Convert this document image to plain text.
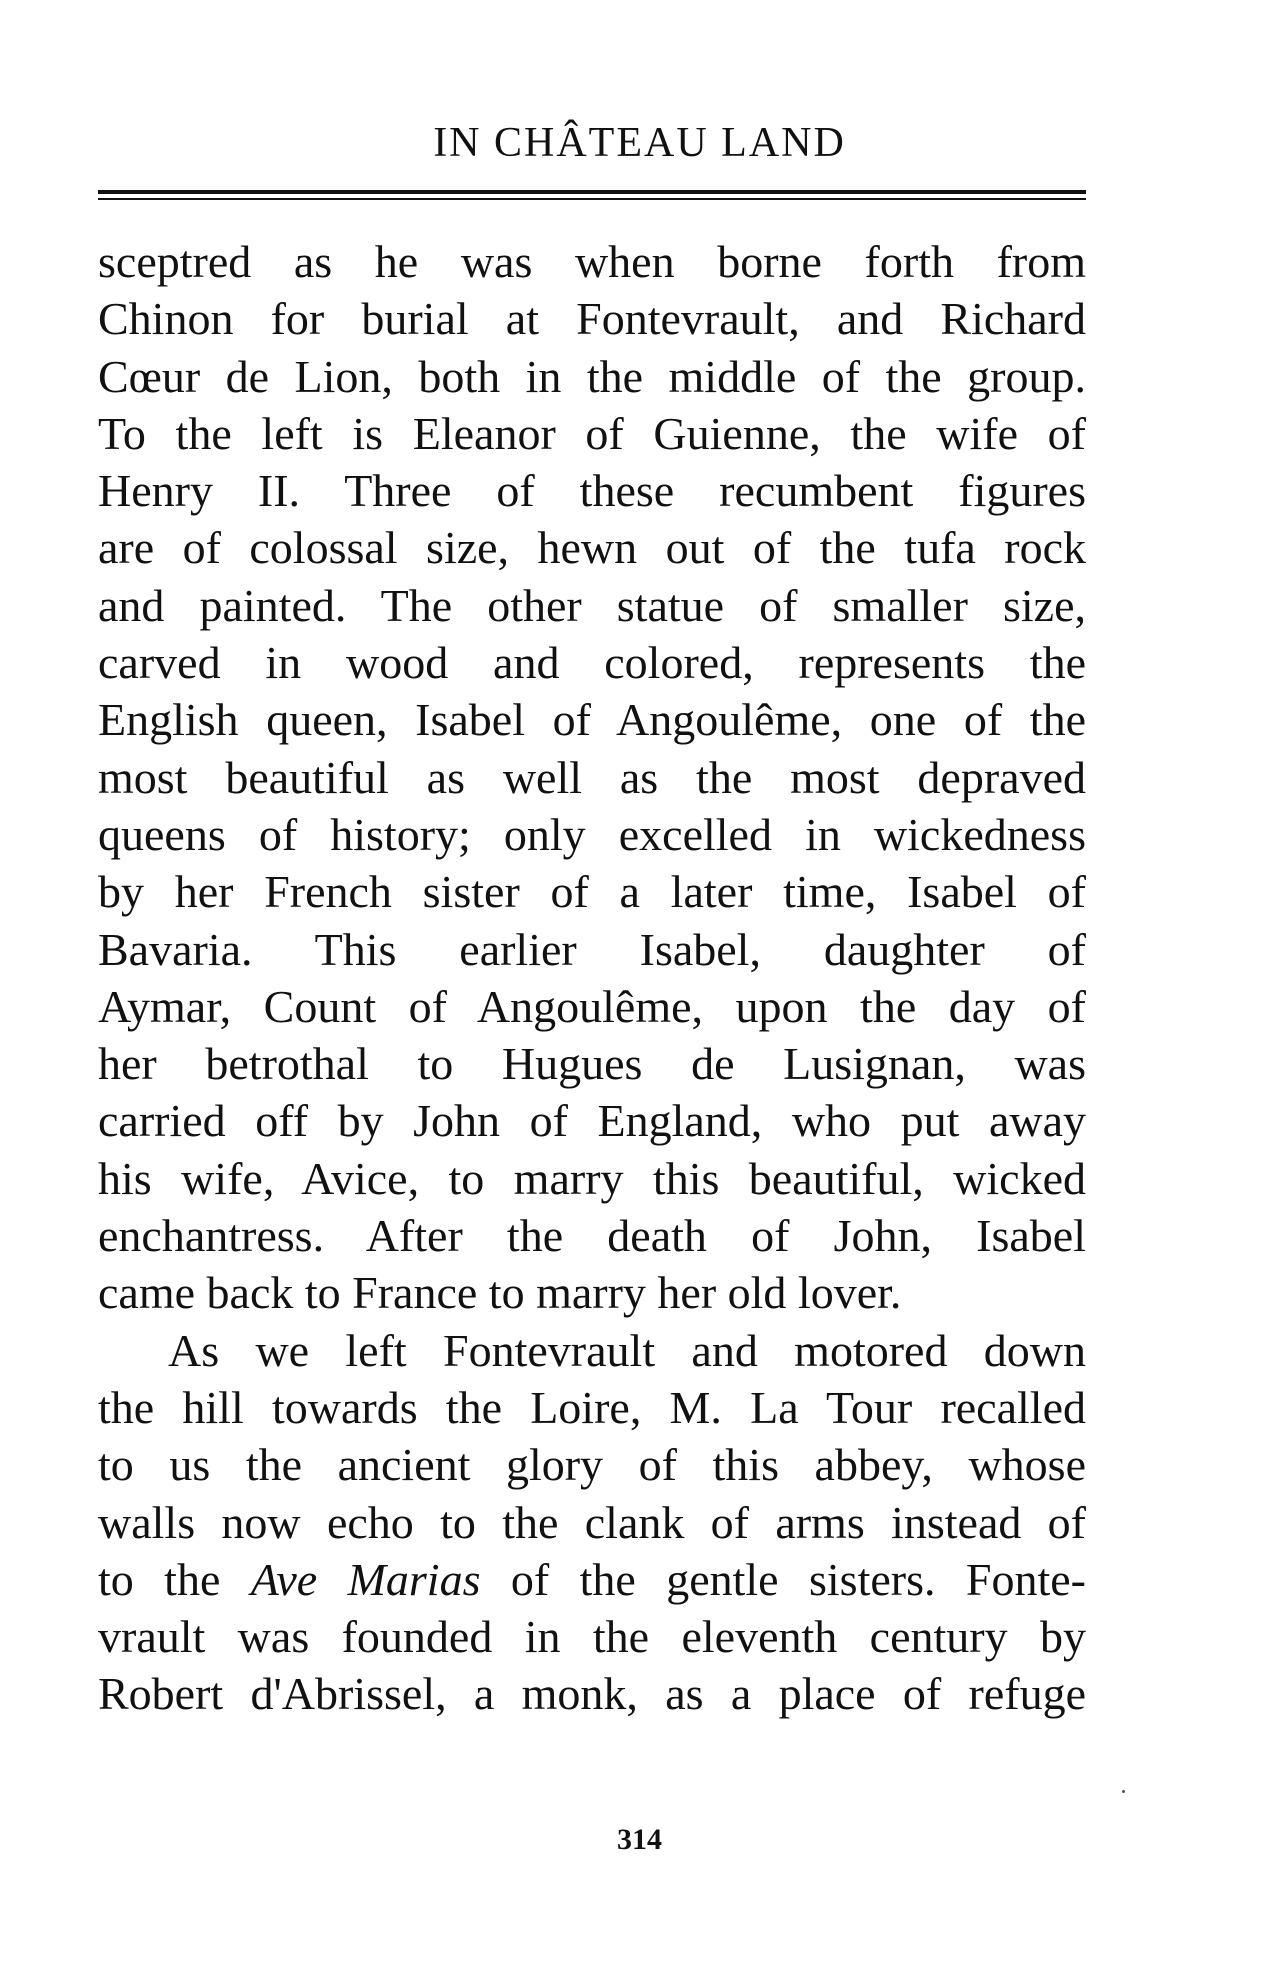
IN CHÂTEAU LAND
sceptred as he was when borne forth from
Chinon for burial at Fontevrault, and Richard
Cœur de Lion, both in the middle of the group.
To the left is Eleanor of Guienne, the wife of
Henry II. Three of these recumbent figures
are of colossal size, hewn out of the tufa rock
and painted. The other statue of smaller size,
carved in wood and colored, represents the
English queen, Isabel of Angoulême, one of the
most beautiful as well as the most depraved
queens of history; only excelled in wickedness
by her French sister of a later time, Isabel of
Bavaria. This earlier Isabel, daughter of
Aymar, Count of Angoulême, upon the day of
her betrothal to Hugues de Lusignan, was
carried off by John of England, who put away
his wife, Avice, to marry this beautiful, wicked
enchantress. After the death of John, Isabel
came back to France to marry her old lover.
As we left Fontevrault and motored down
the hill towards the Loire, M. La Tour recalled
to us the ancient glory of this abbey, whose
walls now echo to the clank of arms instead of
to the Ave Marias of the gentle sisters. Fonte-
vrault was founded in the eleventh century by
Robert d'Abrissel, a monk, as a place of refuge
314
